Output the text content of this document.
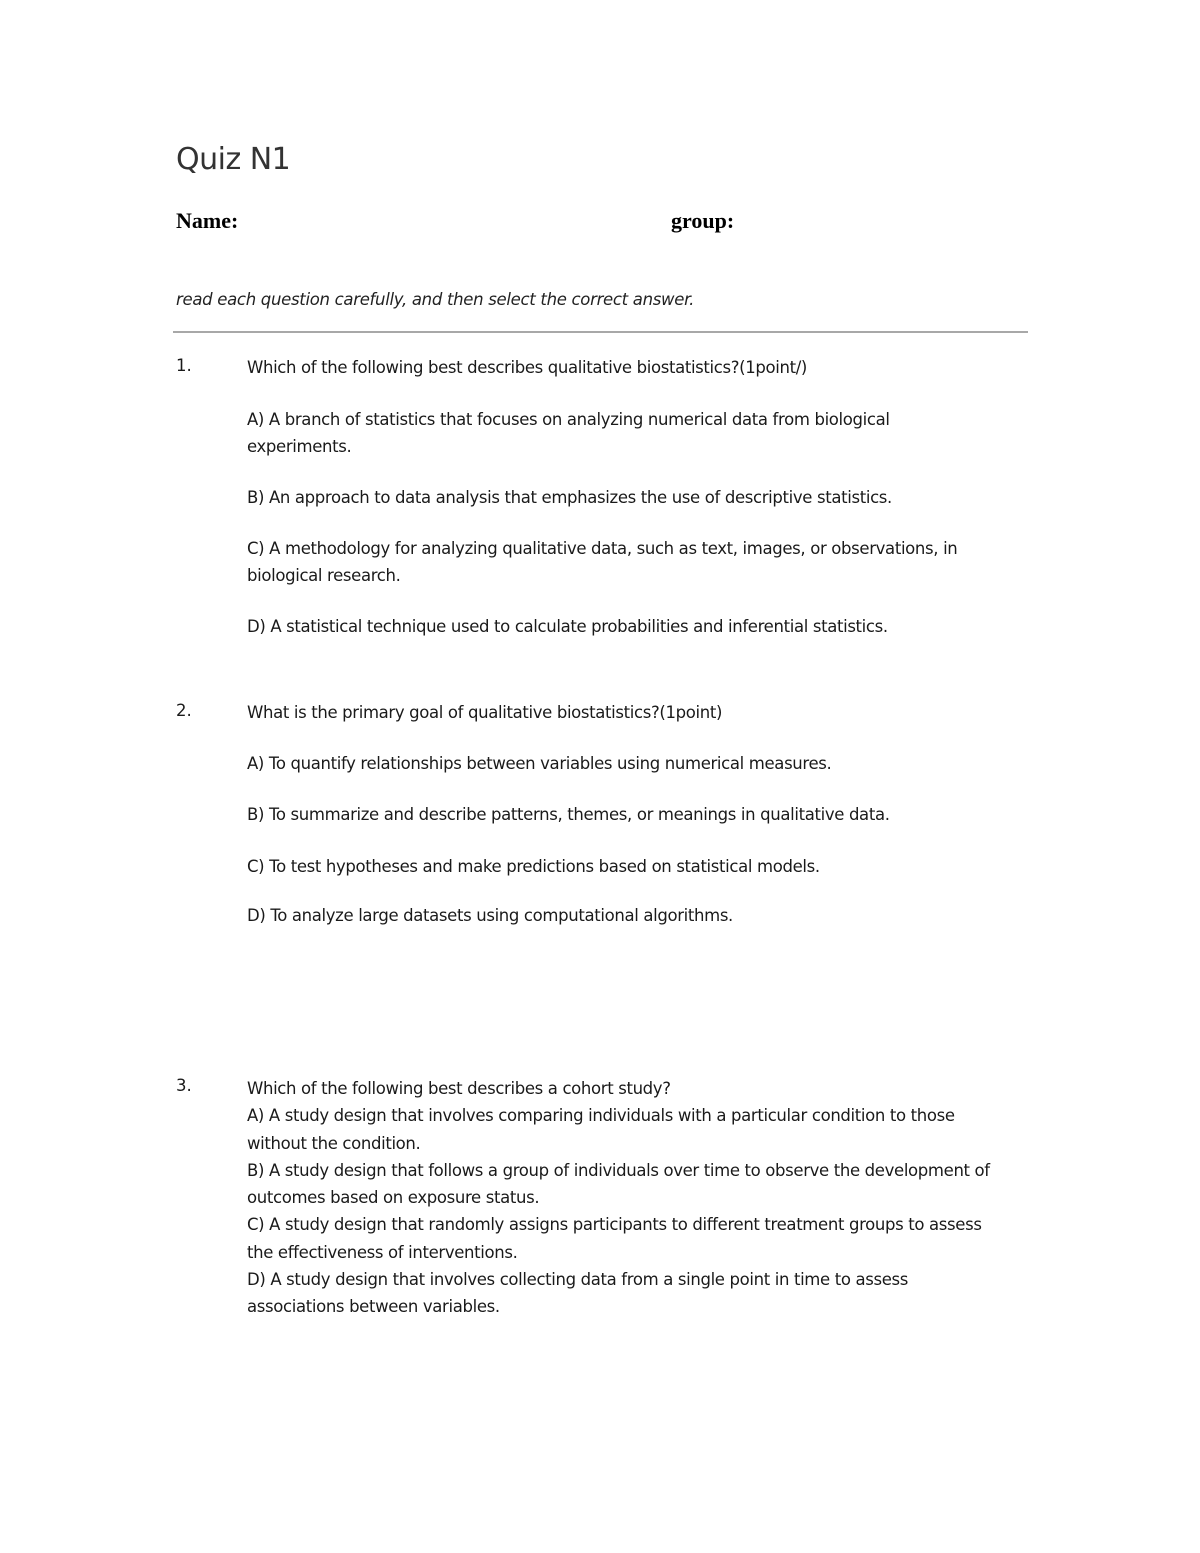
Quiz N1
Name:	group:
read each question carefully, and then select the correct answer.
1.	Which of the following best describes qualitative biostatistics?(1point/)
A) A branch of statistics that focuses on analyzing numerical data from biological experiments.
B) An approach to data analysis that emphasizes the use of descriptive statistics.
C) A methodology for analyzing qualitative data, such as text, images, or observations, in biological research.
D) A statistical technique used to calculate probabilities and inferential statistics.
2.	What is the primary goal of qualitative biostatistics?(1point)
A) To quantify relationships between variables using numerical measures.
B) To summarize and describe patterns, themes, or meanings in qualitative data.
C) To test hypotheses and make predictions based on statistical models.
D) To analyze large datasets using computational algorithms.
3.	Which of the following best describes a cohort study?
A) A study design that involves comparing individuals with a particular condition to those without the condition.
B) A study design that follows a group of individuals over time to observe the development of outcomes based on exposure status.
C) A study design that randomly assigns participants to different treatment groups to assess the effectiveness of interventions.
D) A study design that involves collecting data from a single point in time to assess associations between variables.
